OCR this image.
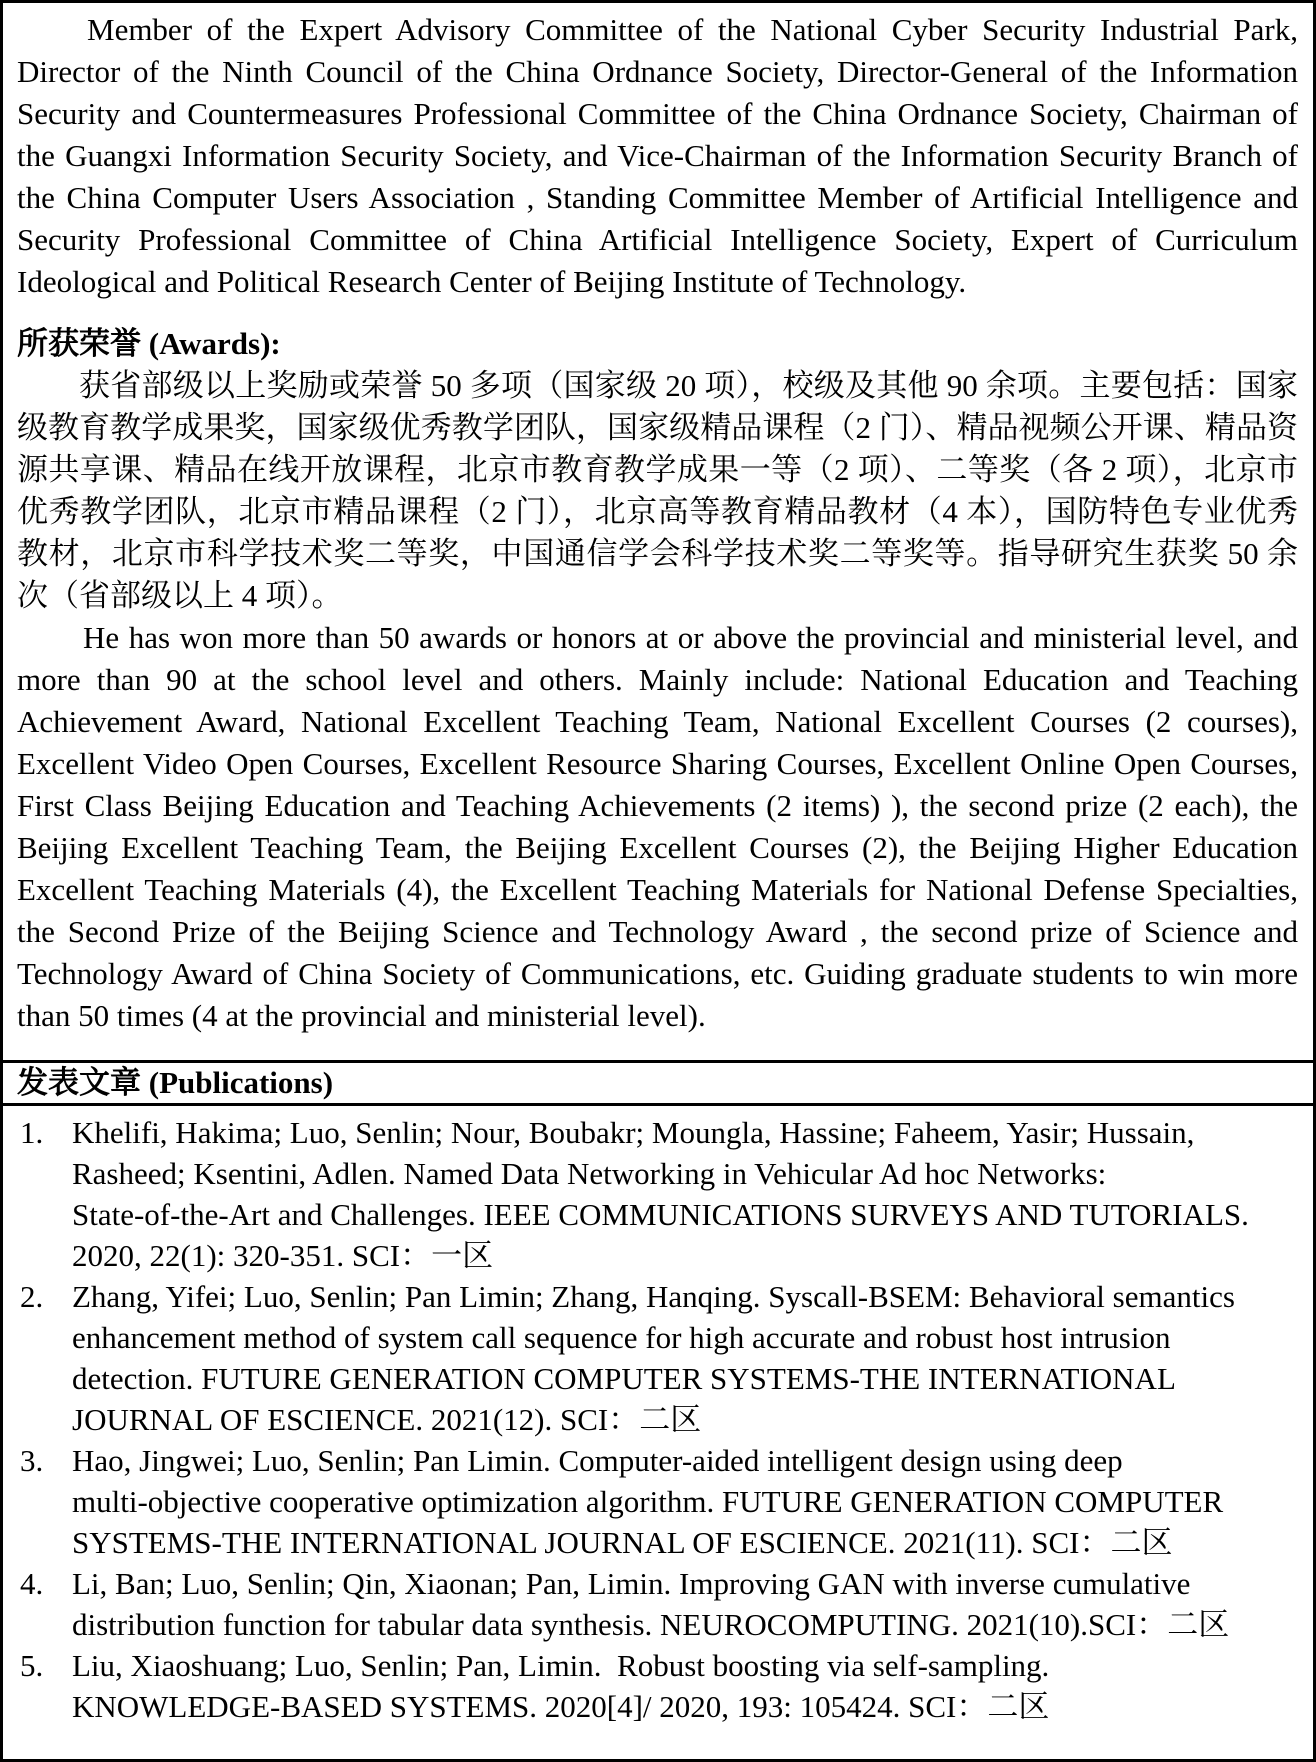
Member of the Expert Advisory Committee of the National Cyber Security Industrial Park,
Director of the Ninth Council of the China Ordnance Society, Director-General of the Information
Security and Countermeasures Professional Committee of the China Ordnance Society, Chairman of
the Guangxi Information Security Society, and Vice-Chairman of the Information Security Branch of
the China Computer Users Association , Standing Committee Member of Artificial Intelligence and
Security Professional Committee of China Artificial Intelligence Society, Expert of Curriculum
Ideological and Political Research Center of Beijing Institute of Technology.
所获荣誉 (Awards):
获省部级以上奖励或荣誉 50 多项（国家级 20 项），校级及其他 90 余项。主要包括：国家
级教育教学成果奖，国家级优秀教学团队，国家级精品课程（2 门）、精品视频公开课、精品资
源共享课、精品在线开放课程，北京市教育教学成果一等（2 项）、二等奖（各 2 项），北京市
优秀教学团队，北京市精品课程（2 门），北京高等教育精品教材（4 本），国防特色专业优秀
教材，北京市科学技术奖二等奖，中国通信学会科学技术奖二等奖等。指导研究生获奖 50 余
次（省部级以上 4 项）。
He has won more than 50 awards or honors at or above the provincial and ministerial level, and
more than 90 at the school level and others. Mainly include: National Education and Teaching
Achievement Award, National Excellent Teaching Team, National Excellent Courses (2 courses),
Excellent Video Open Courses, Excellent Resource Sharing Courses, Excellent Online Open Courses,
First Class Beijing Education and Teaching Achievements (2 items) ), the second prize (2 each), the
Beijing Excellent Teaching Team, the Beijing Excellent Courses (2), the Beijing Higher Education
Excellent Teaching Materials (4), the Excellent Teaching Materials for National Defense Specialties,
the Second Prize of the Beijing Science and Technology Award , the second prize of Science and
Technology Award of China Society of Communications, etc. Guiding graduate students to win more
than 50 times (4 at the provincial and ministerial level).
发表文章 (Publications)
1. Khelifi, Hakima; Luo, Senlin; Nour, Boubakr; Moungla, Hassine; Faheem, Yasir; Hussain,
Rasheed; Ksentini, Adlen. Named Data Networking in Vehicular Ad hoc Networks:
State-of-the-Art and Challenges. IEEE COMMUNICATIONS SURVEYS AND TUTORIALS.
2020, 22(1): 320-351. SCI：一区
2. Zhang, Yifei; Luo, Senlin; Pan Limin; Zhang, Hanqing. Syscall-BSEM: Behavioral semantics
enhancement method of system call sequence for high accurate and robust host intrusion
detection. FUTURE GENERATION COMPUTER SYSTEMS-THE INTERNATIONAL
JOURNAL OF ESCIENCE. 2021(12). SCI：二区
3. Hao, Jingwei; Luo, Senlin; Pan Limin. Computer-aided intelligent design using deep
multi-objective cooperative optimization algorithm. FUTURE GENERATION COMPUTER
SYSTEMS-THE INTERNATIONAL JOURNAL OF ESCIENCE. 2021(11). SCI：二区
4. Li, Ban; Luo, Senlin; Qin, Xiaonan; Pan, Limin. Improving GAN with inverse cumulative
distribution function for tabular data synthesis. NEUROCOMPUTING. 2021(10).SCI：二区
5. Liu, Xiaoshuang; Luo, Senlin; Pan, Limin.  Robust boosting via self-sampling.
KNOWLEDGE-BASED SYSTEMS. 2020[4]/ 2020, 193: 105424. SCI：二区
